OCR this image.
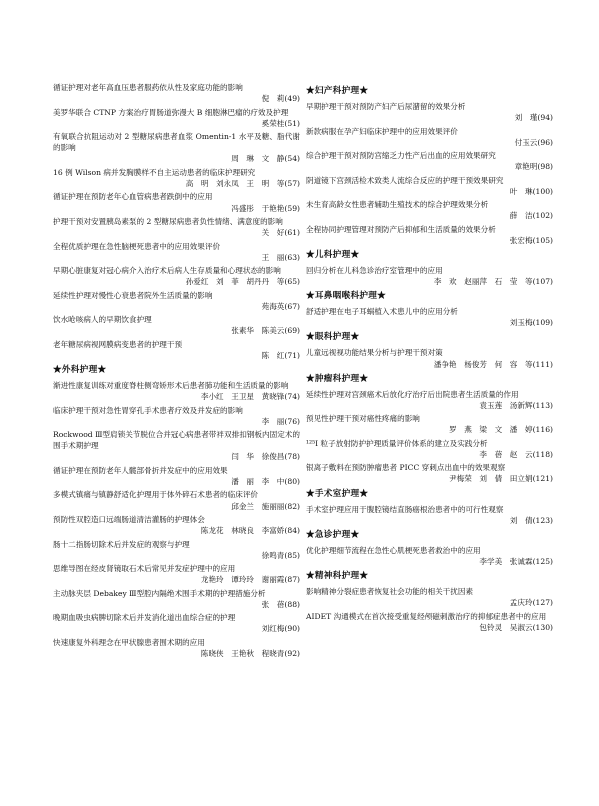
循证护理对老年高血压患者服药依从性及家庭功能的影响
倪　莉(49)
美罗华联合 CTNP 方案治疗胃肠道弥漫大 B 细胞淋巴瘤的疗效及护理
奚荣桂(51)
有氧联合抗阻运动对 2 型糖尿病患者血浆 Omentin-1 水平及糖、脂代谢的影响
周　琳　文　静(54)
16 例 Wilson 病并发胸膜样不自主运动患者的临床护理研究
高　明　刘永凤　王　明　等(57)
循证护理在预防老年心血管病患者跌倒中的应用
冯盛彤　于艳艳(59)
护理干预对安置胰岛素泵的 2 型糖尿病患者负性情绪、满意度的影响
关　好(61)
全程优质护理在急性脑梗死患者中的应用效果评价
王　丽(63)
早期心脏康复对冠心病介入治疗术后病人生存质量和心理状态的影响
孙爱红　刘　菲　胡丹丹　等(65)
延续性护理对慢性心衰患者院外生活质量的影响
苑海英(67)
饮水呛咳病人的早期饮食护理
张素华　陈美云(69)
老年糖尿病视网膜病变患者的护理干预
陈　红(71)
★外科护理★
渐进性康复训练对重度脊柱侧弯矫形术后患者肺功能和生活质量的影响
李小红　王卫星　黄晓锋(74)
临床护理干预对急性胃穿孔手术患者疗效及并发症的影响
李　丽(76)
Rockwood Ⅲ型肩锁关节脱位合并冠心病患者带袢双排扣钢板内固定术的围手术期护理
闫　华　徐俊昌(78)
循证护理在预防老年人髋部骨折并发症中的应用效果
潘　丽　李　中(80)
多模式镇痛与镇静舒适化护理用于体外碎石术患者的临床评价
邱金兰　施丽丽(82)
预防性双腔造口远端肠道清洁灌肠的护理体会
陈龙花　林晓良　李富娇(84)
肠十二指肠切除术后并发症的观察与护理
徐鸣青(85)
思维导图在经皮肾镜取石术后常见并发症护理中的应用
龙艳玲　谭玲玲　谢丽霞(87)
主动脉夹层 Debakey Ⅲ型腔内隔绝术围手术期的护理措施分析
张　蓓(88)
晚期血吸虫病脾切除术后并发消化道出血综合症的护理
刘红梅(90)
快速康复外科理念在甲状腺患者围术期的应用
陈晓侠　王艳秋　程晓青(92)
★妇产科护理★
早期护理干预对预防产妇产后尿潴留的效果分析
刘　瑾(94)
新款病服在孕产妇临床护理中的应用效果评价
付玉云(96)
综合护理干预对预防宫缩乏力性产后出血的应用效果研究
章艳明(98)
阴道镜下宫颈活检术致类人流综合反应的护理干预效果研究
叶　琳(100)
未生育高龄女性患者辅助生殖技术的综合护理效果分析
薛　洁(102)
全程协同护理管理对预防产后抑郁和生活质量的效果分析
张宏梅(105)
★儿科护理★
回归分析在儿科急诊治疗室管理中的应用
李　欢　赵丽萍　石　莹　等(107)
★耳鼻咽喉科护理★
舒适护理在电子耳蜗植入术患儿中的应用分析
刘玉梅(109)
★眼科护理★
儿童远视视功能结果分析与护理干预对策
潘争艳　杨俊芳　何　容　等(111)
★肿瘤科护理★
延续性护理对宫颈癌术后放化疗治疗后出院患者生活质量的作用
袁玉莲　汤新辉(113)
预见性护理干预对癌性疼痛的影响
罗　燕　梁　文　潘　婷(116)
¹²⁵I 粒子放射防护护理质量评价体系的建立及实践分析
李　蓓　赵　云(118)
银离子敷料在预防肿瘤患者 PICC 穿刺点出血中的效果观察
尹梅荣　刘　倩　田立娟(121)
★手术室护理★
手术室护理应用于腹腔镜结直肠癌根治患者中的可行性观察
刘　倩(123)
★急诊护理★
优化护理细节流程在急性心肌梗死患者救治中的应用
李学美　张诚霖(125)
★精神科护理★
影响精神分裂症患者恢复社会功能的相关干扰因素
孟庆玲(127)
AIDET 沟通模式在首次接受重复经颅磁刺激治疗的抑郁症患者中的应用
包铃灵　吴淑云(130)
